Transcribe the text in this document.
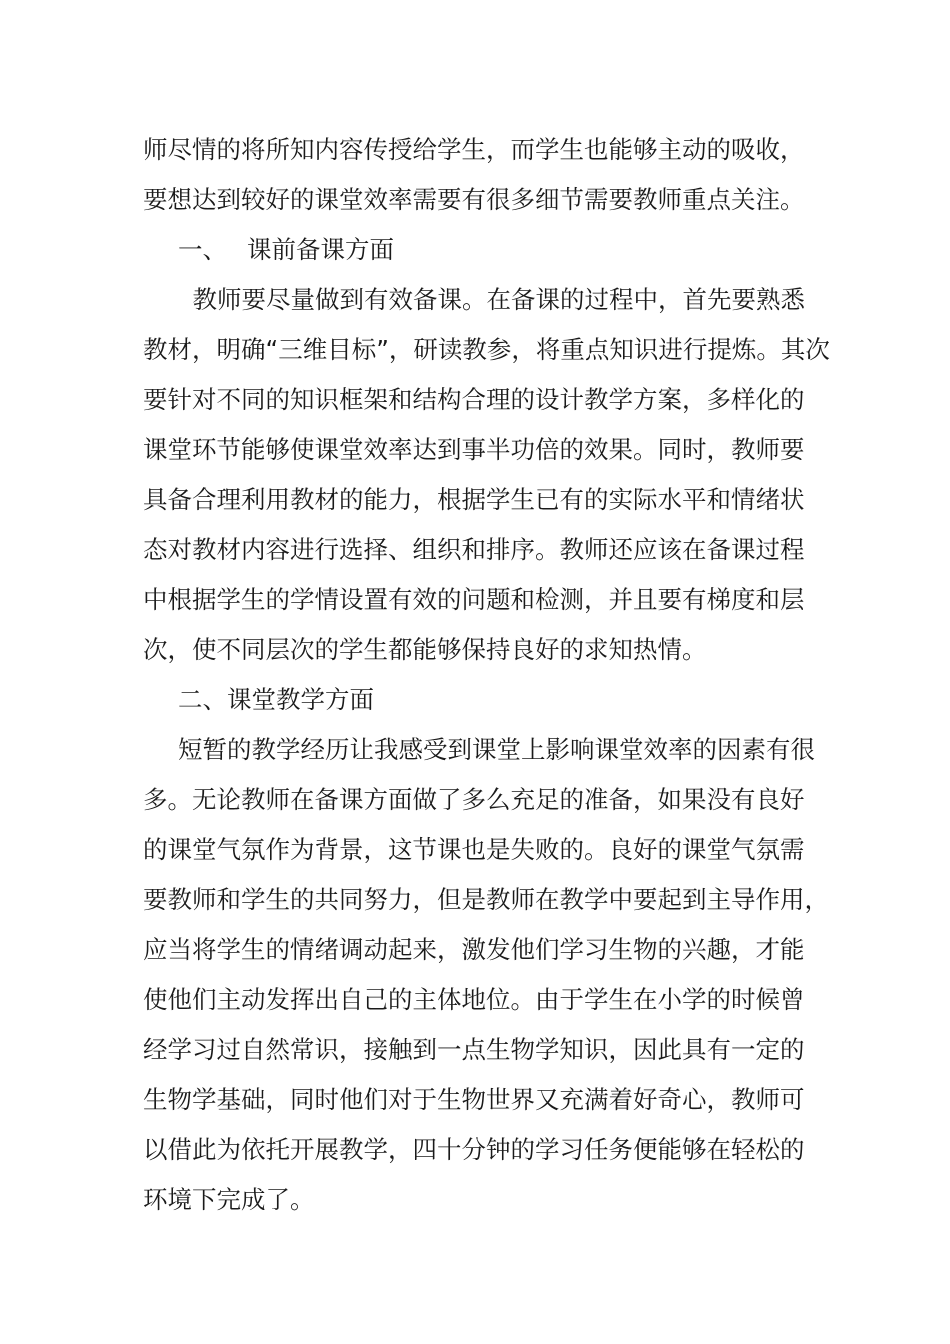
师尽情的将所知内容传授给学生，而学生也能够主动的吸收，
要想达到较好的课堂效率需要有很多细节需要教师重点关注。
一、　 课前备课方面
　教师要尽量做到有效备课。在备课的过程中，首先要熟悉
教材，明确“三维目标”，研读教参，将重点知识进行提炼。其次
要针对不同的知识框架和结构合理的设计教学方案，多样化的
课堂环节能够使课堂效率达到事半功倍的效果。同时，教师要
具备合理利用教材的能力，根据学生已有的实际水平和情绪状
态对教材内容进行选择、组织和排序。教师还应该在备课过程
中根据学生的学情设置有效的问题和检测，并且要有梯度和层
次，使不同层次的学生都能够保持良好的求知热情。
二、课堂教学方面
短暂的教学经历让我感受到课堂上影响课堂效率的因素有很
多。无论教师在备课方面做了多么充足的准备，如果没有良好
的课堂气氛作为背景，这节课也是失败的。良好的课堂气氛需
要教师和学生的共同努力，但是教师在教学中要起到主导作用，
应当将学生的情绪调动起来，激发他们学习生物的兴趣，才能
使他们主动发挥出自己的主体地位。由于学生在小学的时候曾
经学习过自然常识，接触到一点生物学知识，因此具有一定的
生物学基础，同时他们对于生物世界又充满着好奇心，教师可
以借此为依托开展教学，四十分钟的学习任务便能够在轻松的
环境下完成了。
